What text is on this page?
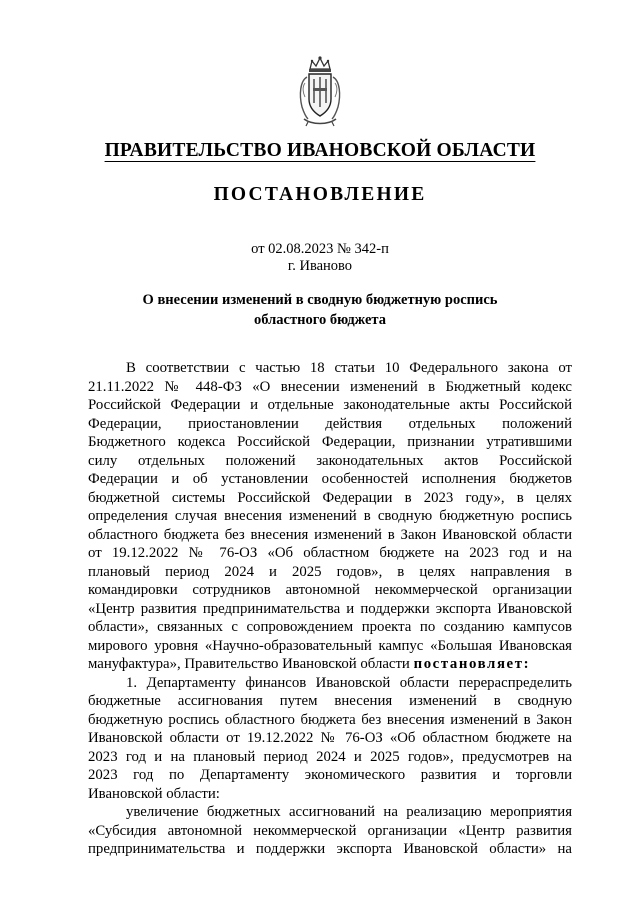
ПРАВИТЕЛЬСТВО ИВАНОВСКОЙ ОБЛАСТИ
ПОСТАНОВЛЕНИЕ
от 02.08.2023 № 342-п
г. Иваново
О внесении изменений в сводную бюджетную роспись
областного бюджета
В соответствии с частью 18 статьи 10 Федерального закона от
21.11.2022 № 448-ФЗ «О внесении изменений в Бюджетный кодекс
Российской Федерации и отдельные законодательные акты Российской
Федерации, приостановлении действия отдельных положений
Бюджетного кодекса Российской Федерации, признании утратившими
силу отдельных положений законодательных актов Российской
Федерации и об установлении особенностей исполнения бюджетов
бюджетной системы Российской Федерации в 2023 году», в целях
определения случая внесения изменений в сводную бюджетную роспись
областного бюджета без внесения изменений в Закон Ивановской области
от 19.12.2022 № 76-ОЗ «Об областном бюджете на 2023 год и на
плановый период 2024 и 2025 годов», в целях направления в
командировки сотрудников автономной некоммерческой организации
«Центр развития предпринимательства и поддержки экспорта Ивановской
области», связанных с сопровождением проекта по созданию кампусов
мирового уровня «Научно-образовательный кампус «Большая Ивановская
мануфактура», Правительство Ивановской области постановляет:
1. Департаменту финансов Ивановской области перераспределить
бюджетные ассигнования путем внесения изменений в сводную
бюджетную роспись областного бюджета без внесения изменений в Закон
Ивановской области от 19.12.2022 № 76-ОЗ «Об областном бюджете на
2023 год и на плановый период 2024 и 2025 годов», предусмотрев на
2023 год по Департаменту экономического развития и торговли
Ивановской области:
увеличение бюджетных ассигнований на реализацию мероприятия
«Субсидия автономной некоммерческой организации «Центр развития
предпринимательства и поддержки экспорта Ивановской области» на
